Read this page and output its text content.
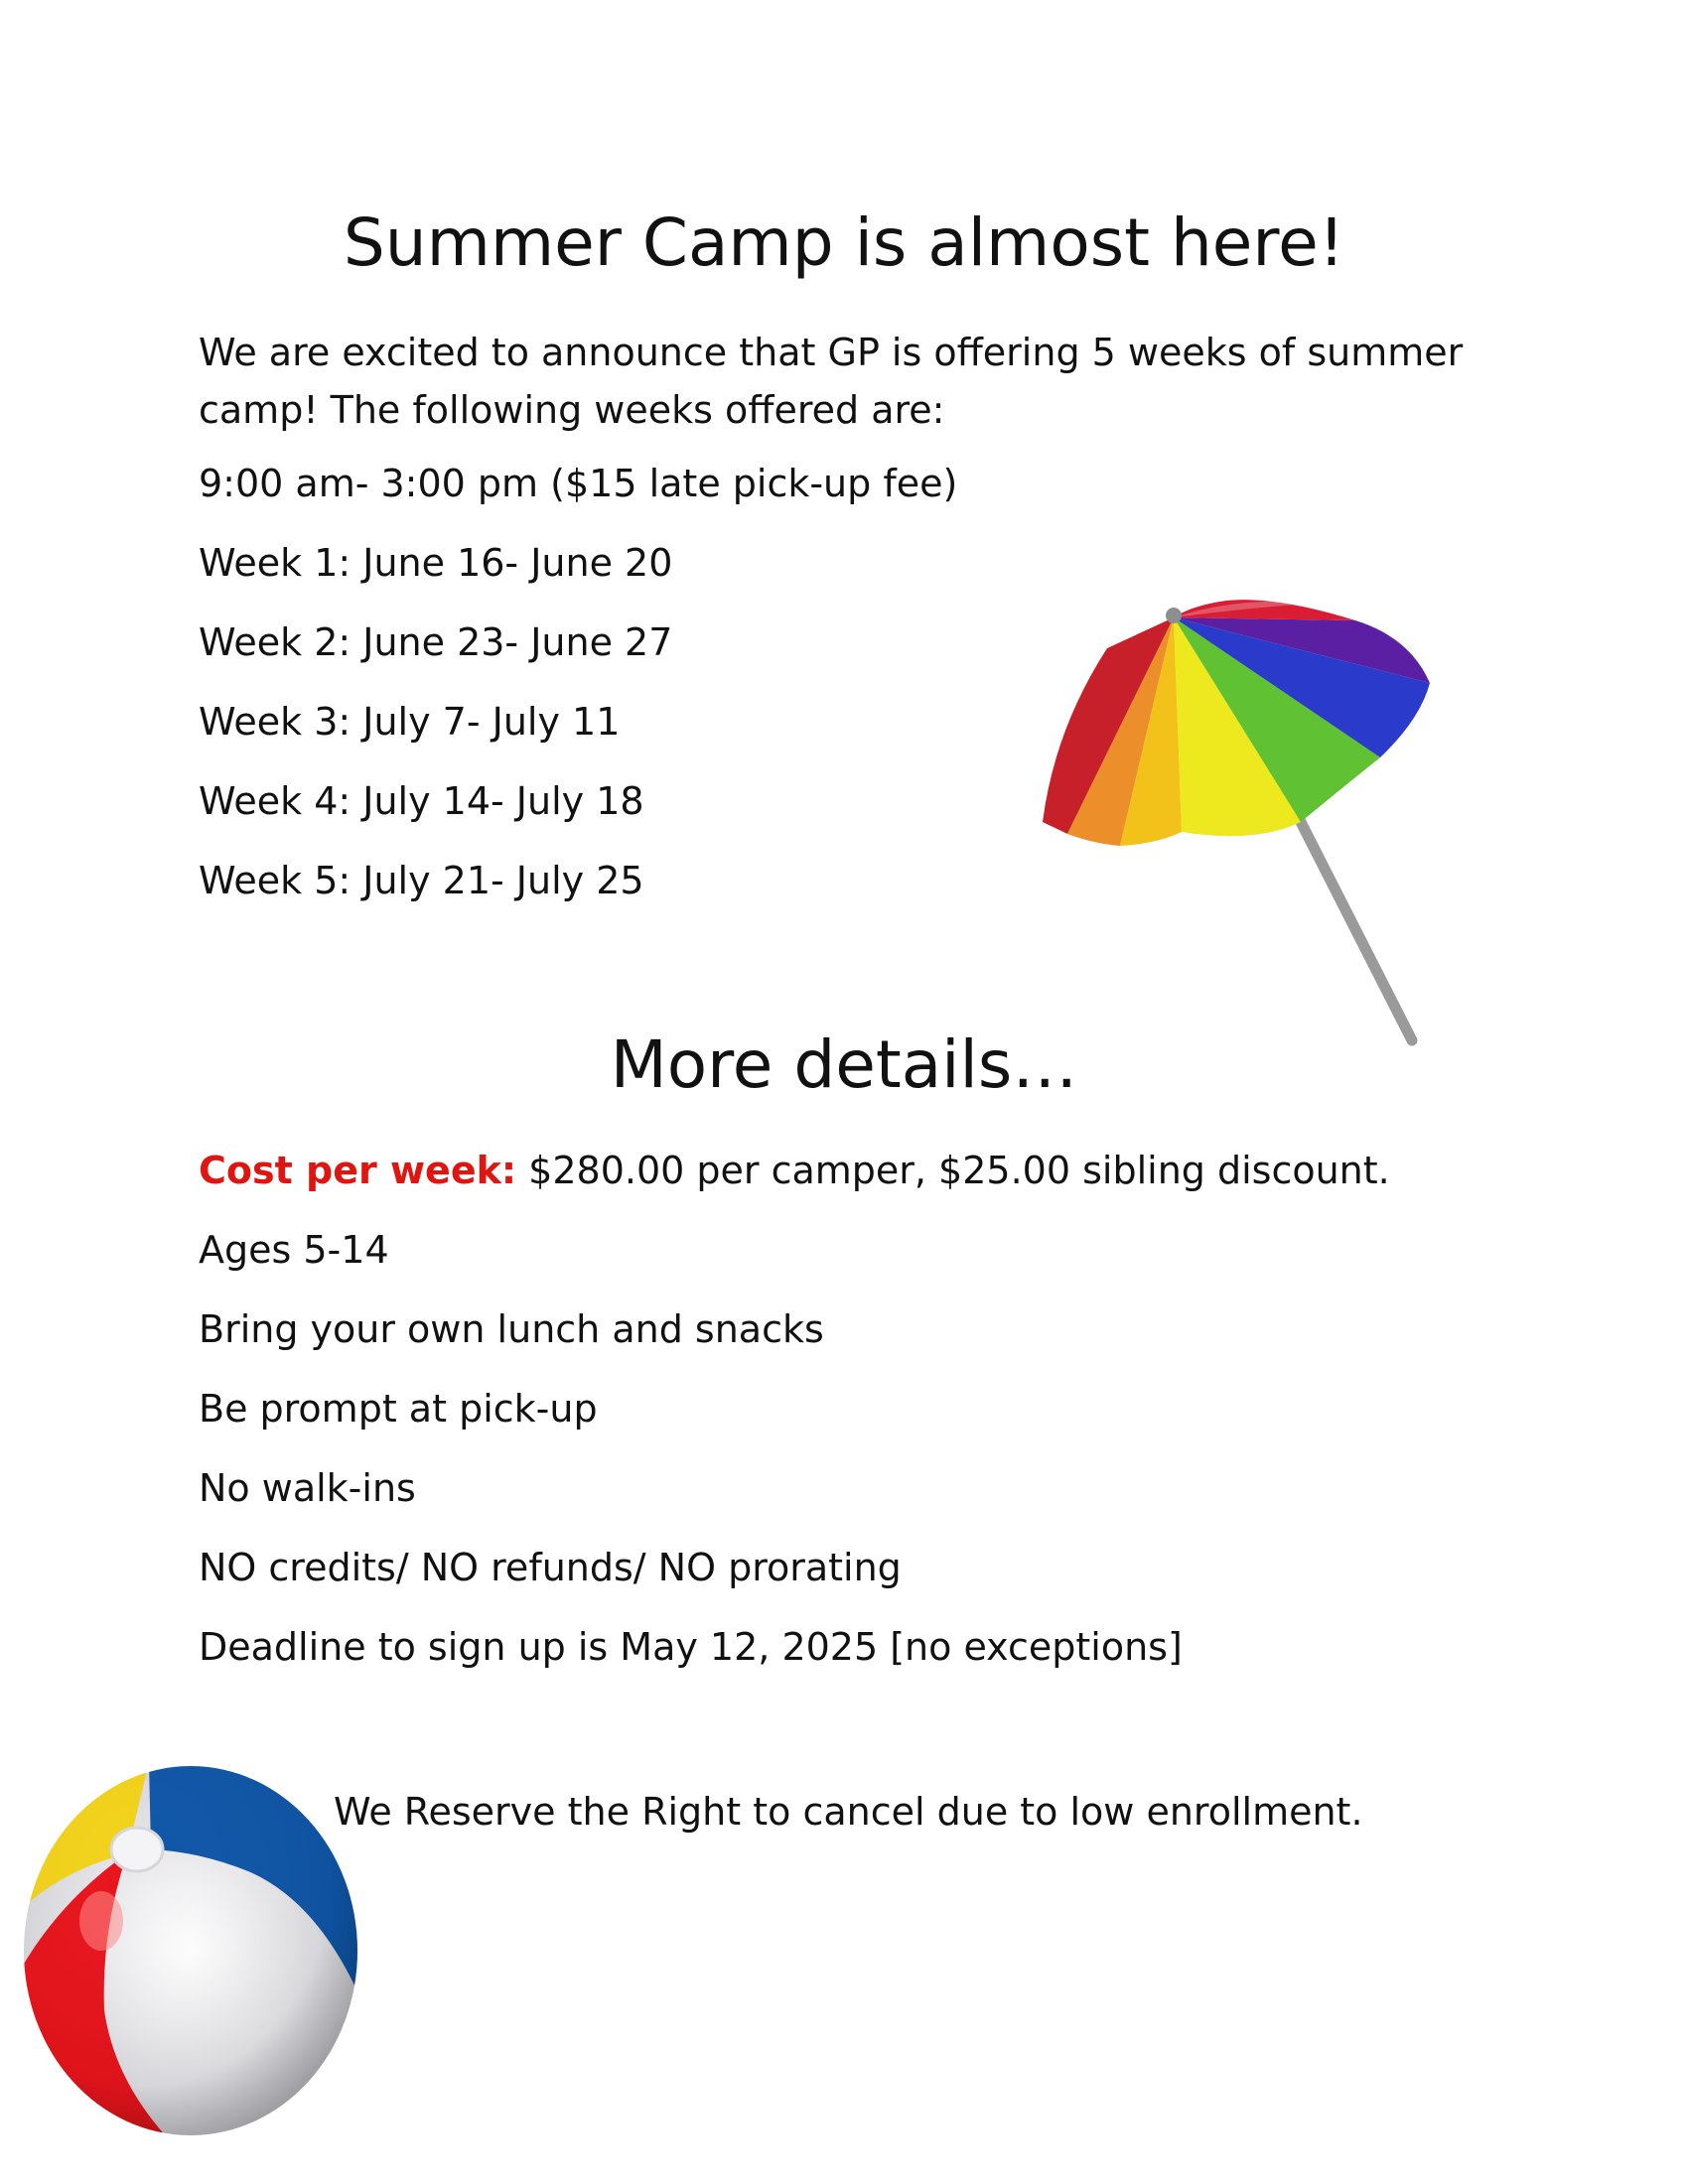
Summer Camp is almost here!

We are excited to announce that GP is offering 5 weeks of summer camp! The following weeks offered are:

9:00 am- 3:00 pm ($15 late pick-up fee)

Week 1: June 16- June 20

Week 2: June 23- June 27

Week 3: July 7- July 11

Week 4: July 14- July 18

Week 5: July 21- July 25

More details…

Cost per week: $280.00 per camper, $25.00 sibling discount.

Ages 5-14

Bring your own lunch and snacks

Be prompt at pick-up

No walk-ins

NO credits/ NO refunds/ NO prorating

Deadline to sign up is May 12, 2025 [no exceptions]

We Reserve the Right to cancel due to low enrollment.
